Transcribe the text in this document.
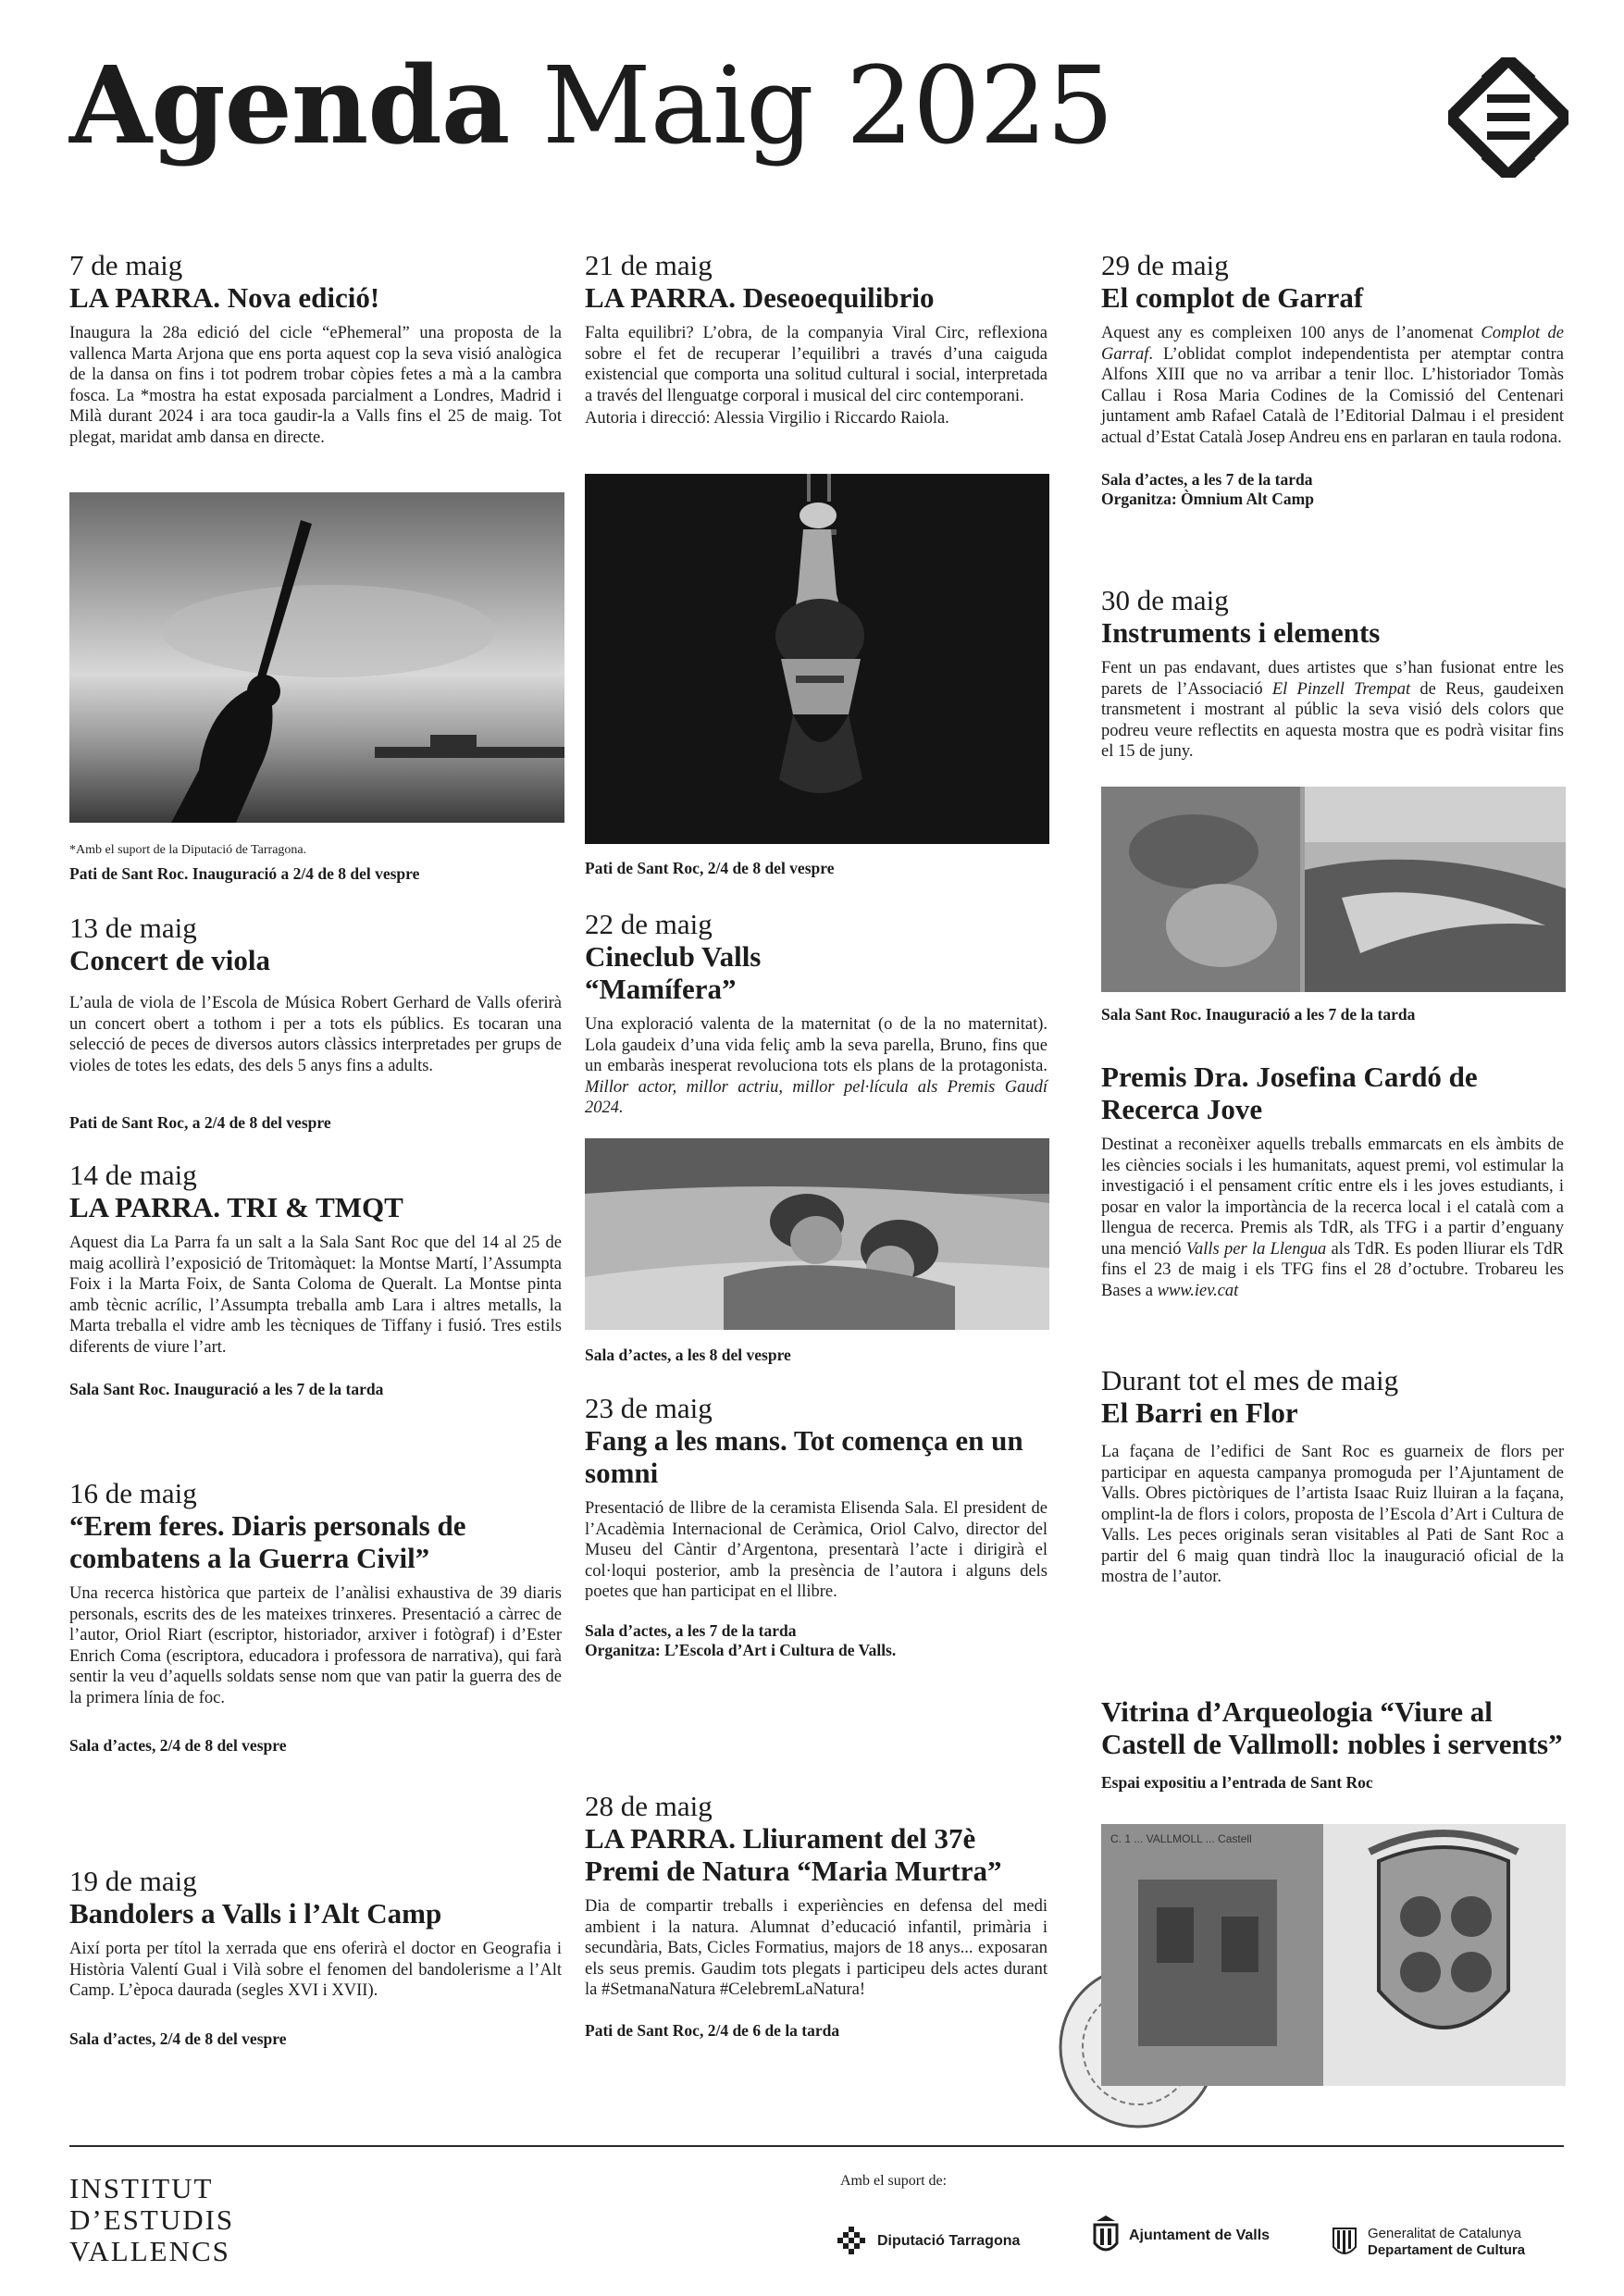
Agenda Maig 2025
7 de maig
LA PARRA. Nova edició!
Inaugura la 28a edició del cicle “ePhemeral” una proposta de la vallenca Marta Arjona que ens porta aquest cop la seva visió analògica de la dansa on fins i tot podrem trobar còpies fetes a mà a la cambra fosca. La *mostra ha estat exposada parcialment a Londres, Madrid i Milà durant 2024 i ara toca gaudir-la a Valls fins el 25 de maig. Tot plegat, maridat amb dansa en directe.
*Amb el suport de la Diputació de Tarragona.
Pati de Sant Roc. Inauguració a 2/4 de 8 del vespre
13 de maig
Concert de viola
L’aula de viola de l’Escola de Música Robert Gerhard de Valls oferirà un concert obert a tothom i per a tots els públics. Es tocaran una selecció de peces de diversos autors clàssics interpretades per grups de violes de totes les edats, des dels 5 anys fins a adults.
Pati de Sant Roc, a 2/4 de 8 del vespre
14 de maig
LA PARRA. TRI & TMQT
Aquest dia La Parra fa un salt a la Sala Sant Roc que del 14 al 25 de maig acollirà l’exposició de Tritomàquet: la Montse Martí, l’Assumpta Foix i la Marta Foix, de Santa Coloma de Queralt. La Montse pinta amb tècnic acrílic, l’Assumpta treballa amb Lara i altres metalls, la Marta treballa el vidre amb les tècniques de Tiffany i fusió. Tres estils diferents de viure l’art.
Sala Sant Roc. Inauguració a les 7 de la tarda
16 de maig
“Erem feres. Diaris personals de combatens a la Guerra Civil”
Una recerca històrica que parteix de l’anàlisi exhaustiva de 39 diaris personals, escrits des de les mateixes trinxeres. Presentació a càrrec de l’autor, Oriol Riart (escriptor, historiador, arxiver i fotògraf) i d’Ester Enrich Coma (escriptora, educadora i professora de narrativa), qui farà sentir la veu d’aquells soldats sense nom que van patir la guerra des de la primera línia de foc.
Sala d’actes, 2/4 de 8 del vespre
19 de maig
Bandolers a Valls i l’Alt Camp
Així porta per títol la xerrada que ens oferirà el doctor en Geografia i Història Valentí Gual i Vilà sobre el fenomen del bandolerisme a l’Alt Camp. L’època daurada (segles XVI i XVII).
Sala d’actes, 2/4 de 8 del vespre
21 de maig
LA PARRA. Deseoequilibrio
Falta equilibri? L’obra, de la companyia Viral Circ, reflexiona sobre el fet de recuperar l’equilibri a través d’una caiguda existencial que comporta una solitud cultural i social, interpretada a través del llenguatge corporal i musical del circ contemporani.
Autoria i direcció: Alessia Virgilio i Riccardo Raiola.
Pati de Sant Roc, 2/4 de 8 del vespre
22 de maig
Cineclub Valls “Mamífera”
Una exploració valenta de la maternitat (o de la no maternitat). Lola gaudeix d’una vida feliç amb la seva parella, Bruno, fins que un embaràs inesperat revoluciona tots els plans de la protagonista. Millor actor, millor actriu, millor pel·lícula als Premis Gaudí 2024.
Sala d’actes, a les 8 del vespre
23 de maig
Fang a les mans. Tot comença en un somni
Presentació de llibre de la ceramista Elisenda Sala. El president de l’Acadèmia Internacional de Ceràmica, Oriol Calvo, director del Museu del Càntir d’Argentona, presentarà l’acte i dirigirà el col·loqui posterior, amb la presència de l’autora i alguns dels poetes que han participat en el llibre.
Sala d’actes, a les 7 de la tarda
Organitza: L’Escola d’Art i Cultura de Valls.
28 de maig
LA PARRA. Lliurament del 37è Premi de Natura “Maria Murtra”
Dia de compartir treballs i experiències en defensa del medi ambient i la natura. Alumnat d’educació infantil, primària i secundària, Bats, Cicles Formatius, majors de 18 anys... exposaran els seus premis. Gaudim tots plegats i participeu dels actes durant la #SetmanaNatura #CelebremLaNatura!
Pati de Sant Roc, 2/4 de 6 de la tarda
29 de maig
El complot de Garraf
Aquest any es compleixen 100 anys de l’anomenat Complot de Garraf. L’oblidat complot independentista per atemptar contra Alfons XIII que no va arribar a tenir lloc. L’historiador Tomàs Callau i Rosa Maria Codines de la Comissió del Centenari juntament amb Rafael Català de l’Editorial Dalmau i el president actual d’Estat Català Josep Andreu ens en parlaran en taula rodona.
Sala d’actes, a les 7 de la tarda
Organitza: Òmnium Alt Camp
30 de maig
Instruments i elements
Fent un pas endavant, dues artistes que s’han fusionat entre les parets de l’Associació El Pinzell Trempat de Reus, gaudeixen transmetent i mostrant al públic la seva visió dels colors que podreu veure reflectits en aquesta mostra que es podrà visitar fins el 15 de juny.
Sala Sant Roc. Inauguració a les 7 de la tarda
Premis Dra. Josefina Cardó de Recerca Jove
Destinat a reconèixer aquells treballs emmarcats en els àmbits de les ciències socials i les humanitats, aquest premi, vol estimular la investigació i el pensament crític entre els i les joves estudiants, i posar en valor la importància de la recerca local i el català com a llengua de recerca. Premis als TdR, als TFG i a partir d’enguany una menció Valls per la Llengua als TdR. Es poden lliurar els TdR fins el 23 de maig i els TFG fins el 28 d’octubre. Trobareu les Bases a www.iev.cat
Durant tot el mes de maig
El Barri en Flor
La façana de l’edifici de Sant Roc es guarneix de flors per participar en aquesta campanya promoguda per l’Ajuntament de Valls. Obres pictòriques de l’artista Isaac Ruiz lluiran a la façana, omplint-la de flors i colors, proposta de l’Escola d’Art i Cultura de Valls. Les peces originals seran visitables al Pati de Sant Roc a partir del 6 maig quan tindrà lloc la inauguració oficial de la mostra de l’autor.
Vitrina d’Arqueologia “Viure al Castell de Vallmoll: nobles i servents”
Espai expositiu a l’entrada de Sant Roc
C. 1 ... VALLMOLL ... Castell
INSTITUT
D’ESTUDIS
VALLENCS
Amb el suport de:
Diputació Tarragona	Ajuntament de Valls	Generalitat de Catalunya
Departament de Cultura
